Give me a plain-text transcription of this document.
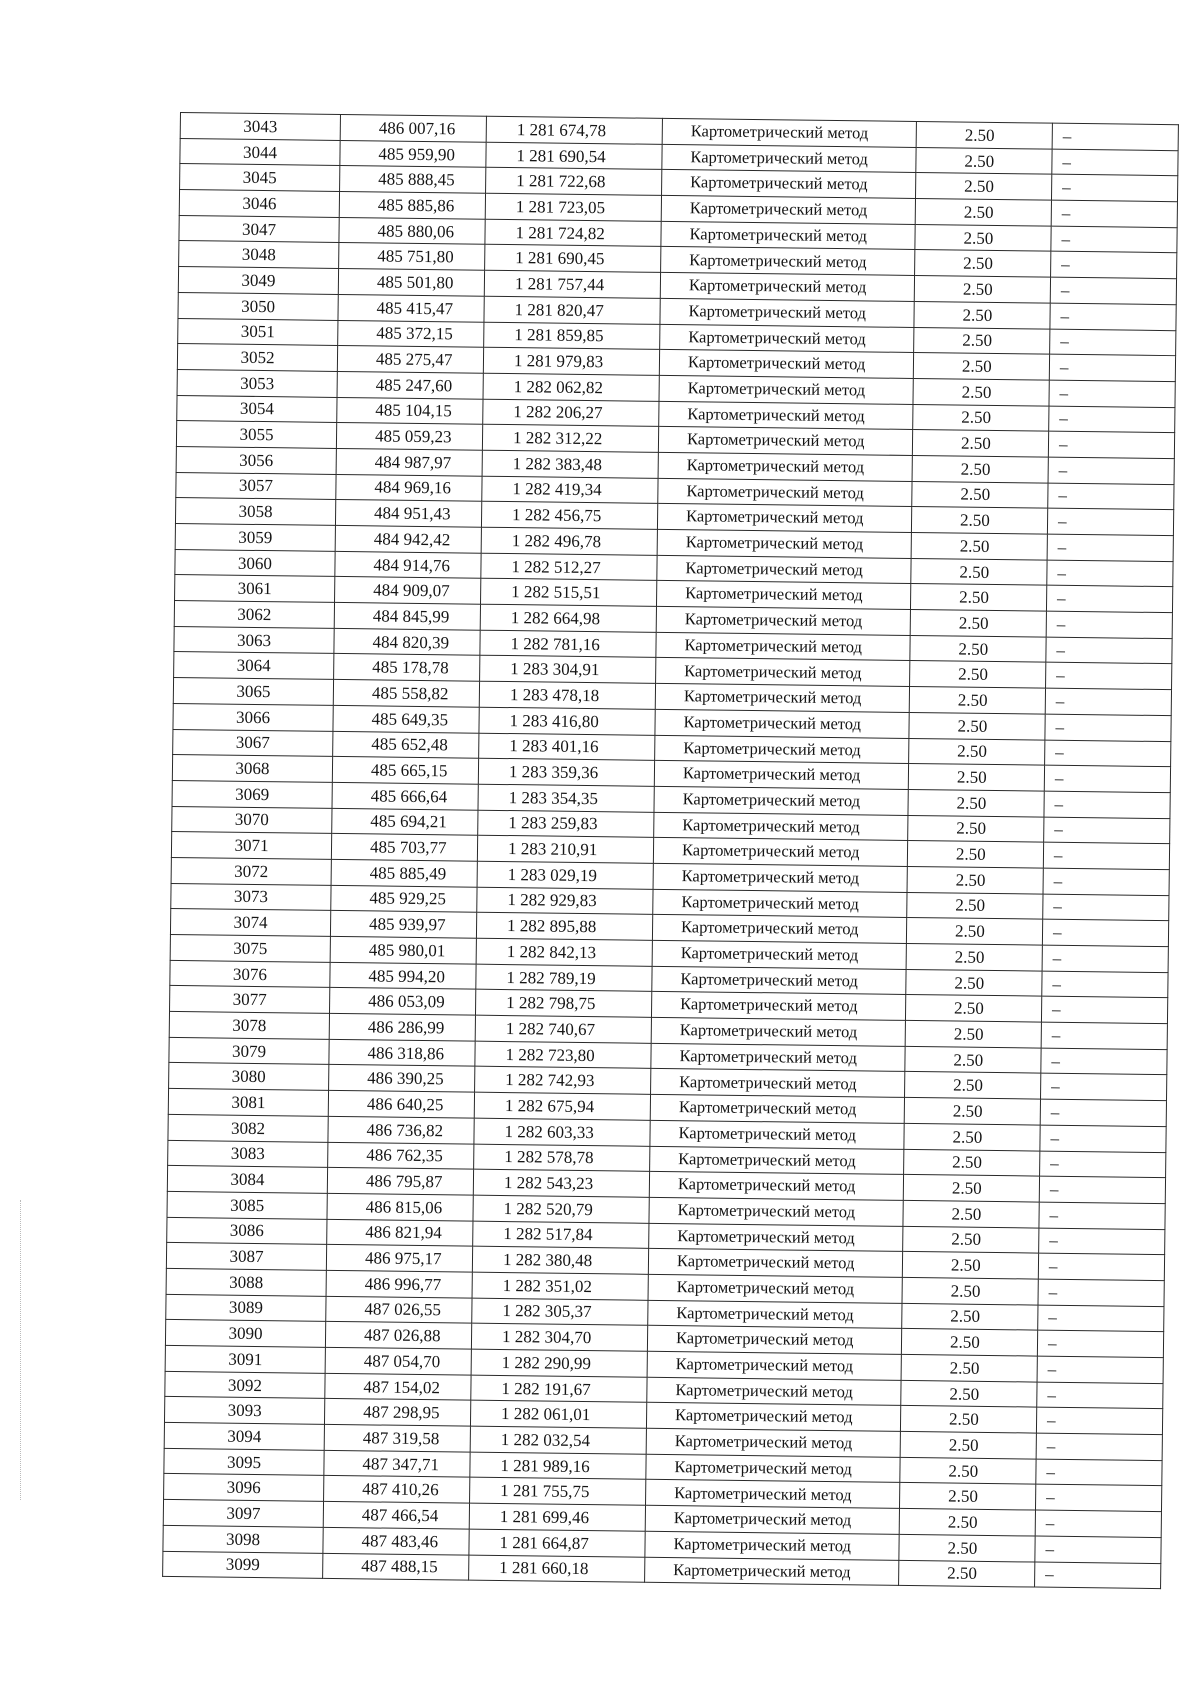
3043	486 007,16	1 281 674,78	Картометрический метод	2.50	–
3044	485 959,90	1 281 690,54	Картометрический метод	2.50	–
3045	485 888,45	1 281 722,68	Картометрический метод	2.50	–
3046	485 885,86	1 281 723,05	Картометрический метод	2.50	–
3047	485 880,06	1 281 724,82	Картометрический метод	2.50	–
3048	485 751,80	1 281 690,45	Картометрический метод	2.50	–
3049	485 501,80	1 281 757,44	Картометрический метод	2.50	–
3050	485 415,47	1 281 820,47	Картометрический метод	2.50	–
3051	485 372,15	1 281 859,85	Картометрический метод	2.50	–
3052	485 275,47	1 281 979,83	Картометрический метод	2.50	–
3053	485 247,60	1 282 062,82	Картометрический метод	2.50	–
3054	485 104,15	1 282 206,27	Картометрический метод	2.50	–
3055	485 059,23	1 282 312,22	Картометрический метод	2.50	–
3056	484 987,97	1 282 383,48	Картометрический метод	2.50	–
3057	484 969,16	1 282 419,34	Картометрический метод	2.50	–
3058	484 951,43	1 282 456,75	Картометрический метод	2.50	–
3059	484 942,42	1 282 496,78	Картометрический метод	2.50	–
3060	484 914,76	1 282 512,27	Картометрический метод	2.50	–
3061	484 909,07	1 282 515,51	Картометрический метод	2.50	–
3062	484 845,99	1 282 664,98	Картометрический метод	2.50	–
3063	484 820,39	1 282 781,16	Картометрический метод	2.50	–
3064	485 178,78	1 283 304,91	Картометрический метод	2.50	–
3065	485 558,82	1 283 478,18	Картометрический метод	2.50	–
3066	485 649,35	1 283 416,80	Картометрический метод	2.50	–
3067	485 652,48	1 283 401,16	Картометрический метод	2.50	–
3068	485 665,15	1 283 359,36	Картометрический метод	2.50	–
3069	485 666,64	1 283 354,35	Картометрический метод	2.50	–
3070	485 694,21	1 283 259,83	Картометрический метод	2.50	–
3071	485 703,77	1 283 210,91	Картометрический метод	2.50	–
3072	485 885,49	1 283 029,19	Картометрический метод	2.50	–
3073	485 929,25	1 282 929,83	Картометрический метод	2.50	–
3074	485 939,97	1 282 895,88	Картометрический метод	2.50	–
3075	485 980,01	1 282 842,13	Картометрический метод	2.50	–
3076	485 994,20	1 282 789,19	Картометрический метод	2.50	–
3077	486 053,09	1 282 798,75	Картометрический метод	2.50	–
3078	486 286,99	1 282 740,67	Картометрический метод	2.50	–
3079	486 318,86	1 282 723,80	Картометрический метод	2.50	–
3080	486 390,25	1 282 742,93	Картометрический метод	2.50	–
3081	486 640,25	1 282 675,94	Картометрический метод	2.50	–
3082	486 736,82	1 282 603,33	Картометрический метод	2.50	–
3083	486 762,35	1 282 578,78	Картометрический метод	2.50	–
3084	486 795,87	1 282 543,23	Картометрический метод	2.50	–
3085	486 815,06	1 282 520,79	Картометрический метод	2.50	–
3086	486 821,94	1 282 517,84	Картометрический метод	2.50	–
3087	486 975,17	1 282 380,48	Картометрический метод	2.50	–
3088	486 996,77	1 282 351,02	Картометрический метод	2.50	–
3089	487 026,55	1 282 305,37	Картометрический метод	2.50	–
3090	487 026,88	1 282 304,70	Картометрический метод	2.50	–
3091	487 054,70	1 282 290,99	Картометрический метод	2.50	–
3092	487 154,02	1 282 191,67	Картометрический метод	2.50	–
3093	487 298,95	1 282 061,01	Картометрический метод	2.50	–
3094	487 319,58	1 282 032,54	Картометрический метод	2.50	–
3095	487 347,71	1 281 989,16	Картометрический метод	2.50	–
3096	487 410,26	1 281 755,75	Картометрический метод	2.50	–
3097	487 466,54	1 281 699,46	Картометрический метод	2.50	–
3098	487 483,46	1 281 664,87	Картометрический метод	2.50	–
3099	487 488,15	1 281 660,18	Картометрический метод	2.50	–
